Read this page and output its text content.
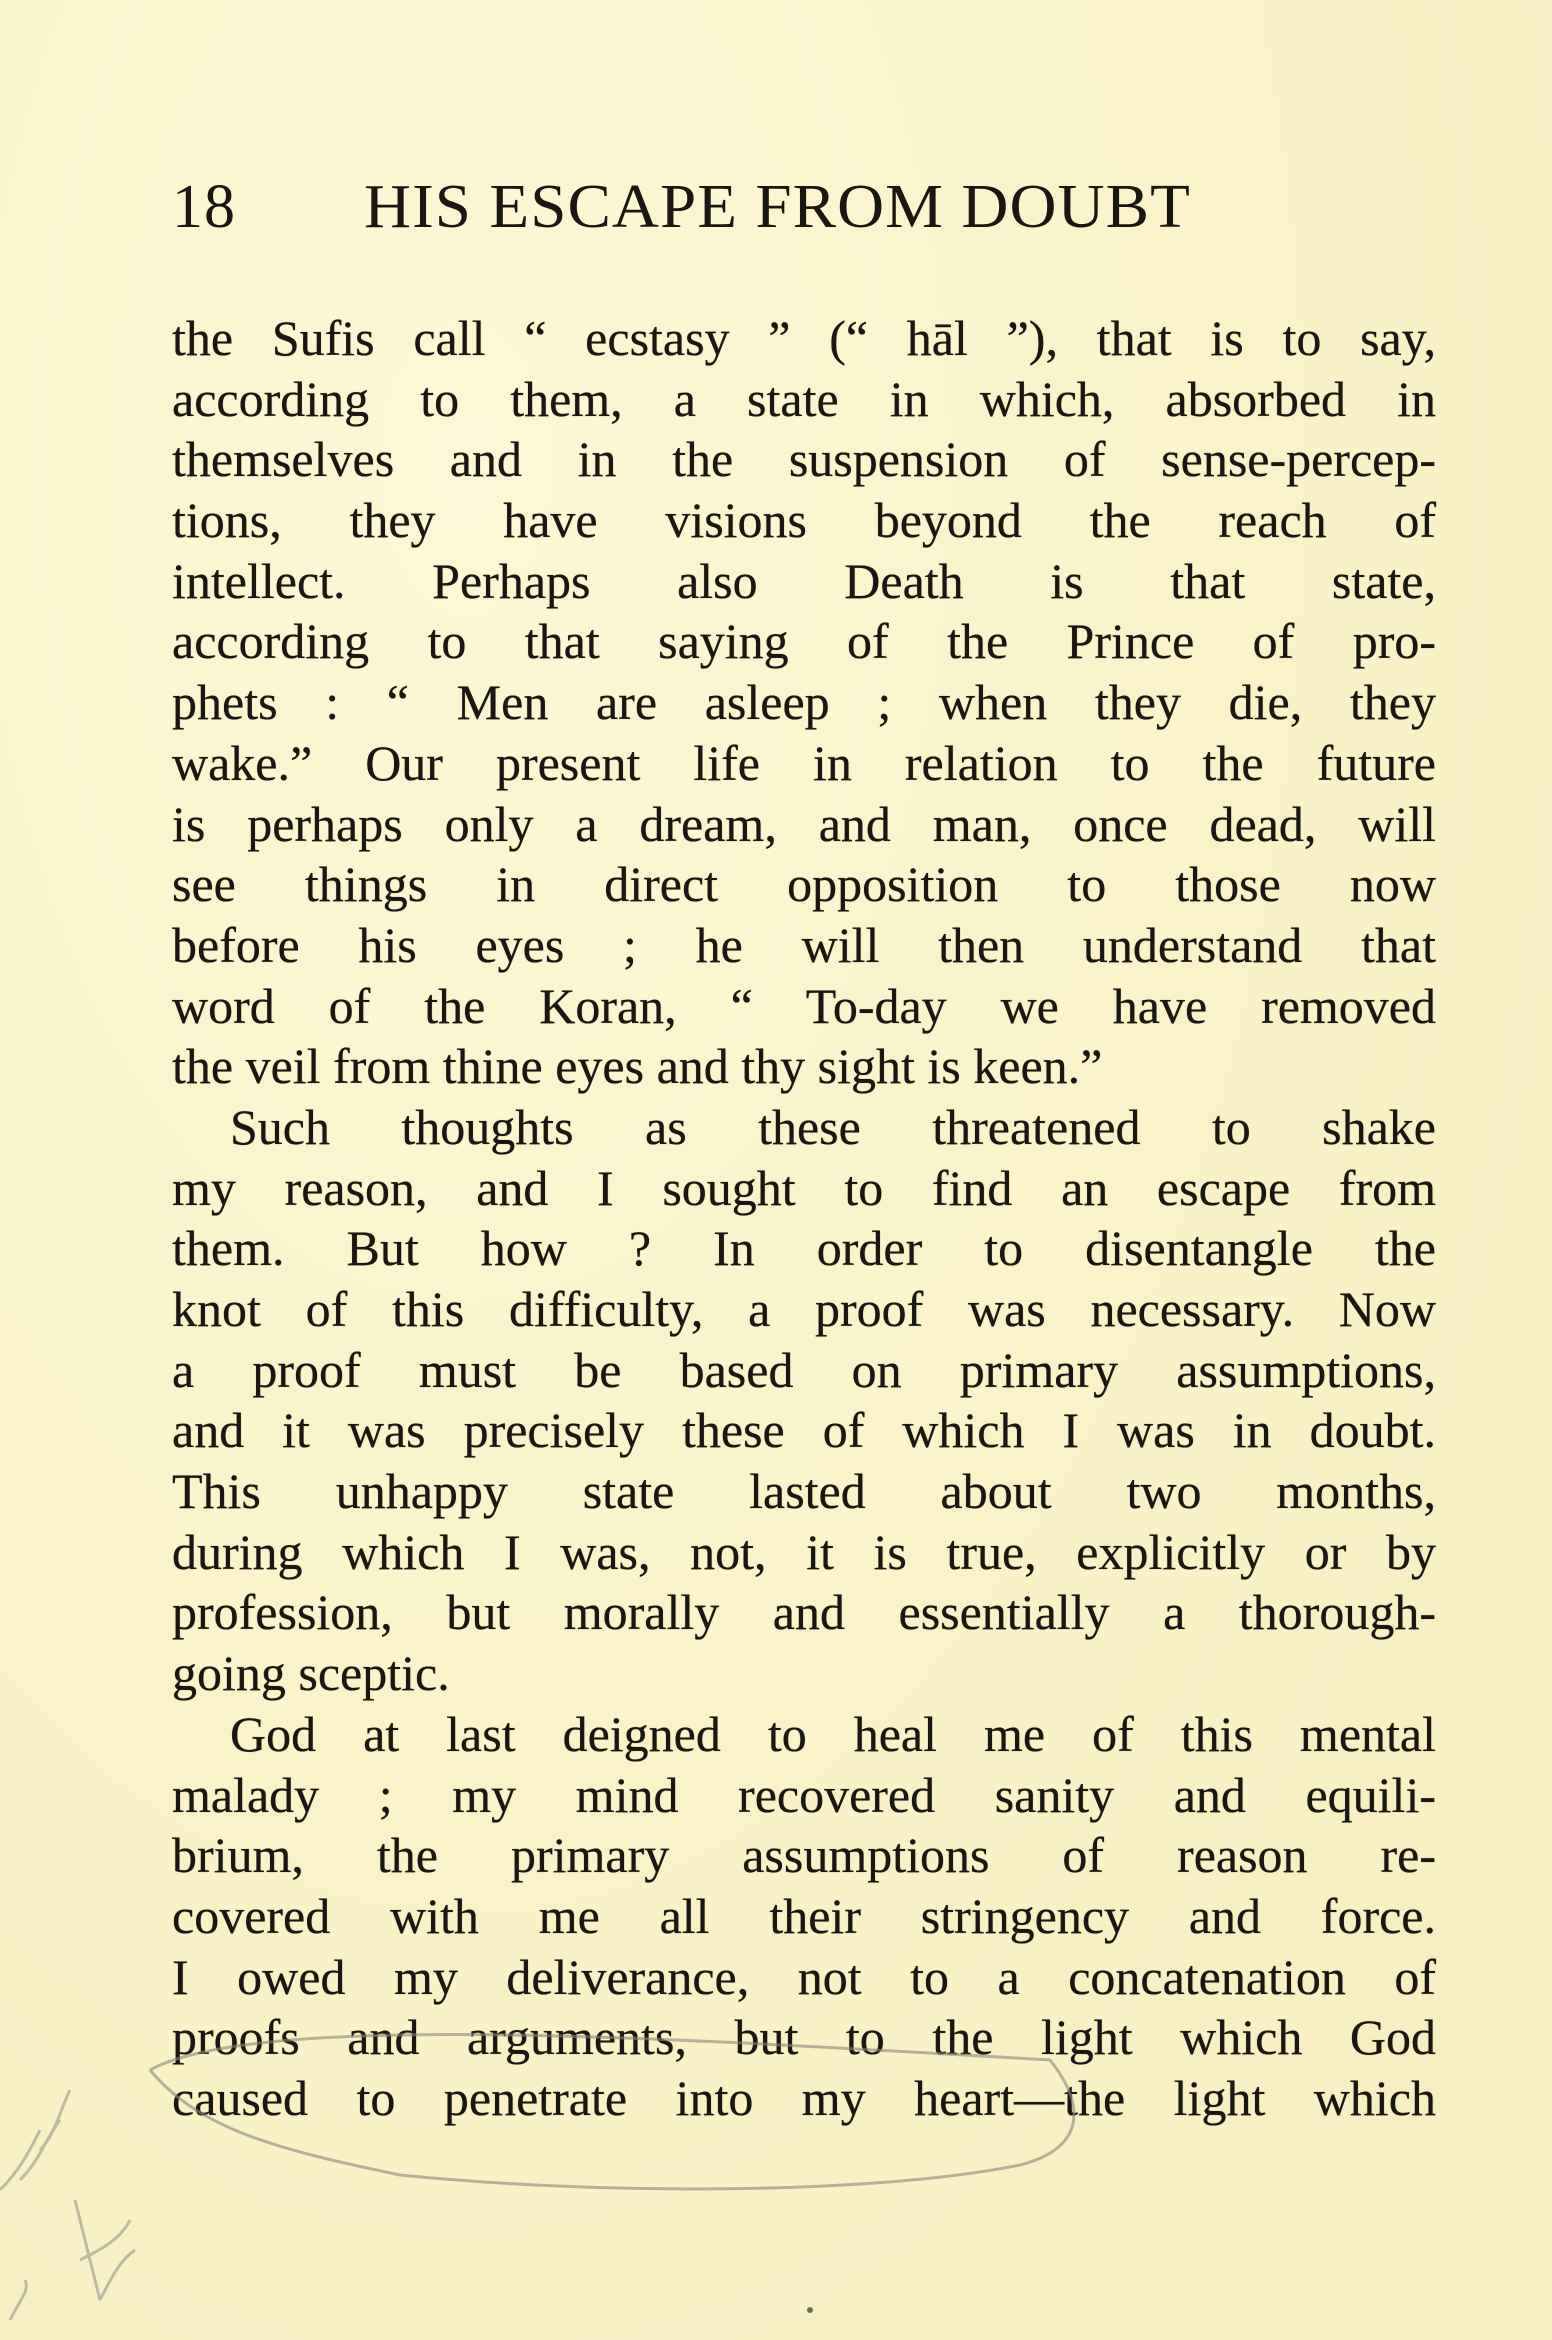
18 HIS ESCAPE FROM DOUBT
the Sufis call “ ecstasy ” (“ hāl ”), that is to say,
according to them, a state in which, absorbed in
themselves and in the suspension of sense-percep-
tions, they have visions beyond the reach of
intellect. Perhaps also Death is that state,
according to that saying of the Prince of pro-
phets : “ Men are asleep ; when they die, they
wake.” Our present life in relation to the future
is perhaps only a dream, and man, once dead, will
see things in direct opposition to those now
before his eyes ; he will then understand that
word of the Koran, “ To-day we have removed
the veil from thine eyes and thy sight is keen.”
Such thoughts as these threatened to shake
my reason, and I sought to find an escape from
them. But how ? In order to disentangle the
knot of this difficulty, a proof was necessary. Now
a proof must be based on primary assumptions,
and it was precisely these of which I was in doubt.
This unhappy state lasted about two months,
during which I was, not, it is true, explicitly or by
profession, but morally and essentially a thorough-
going sceptic.
God at last deigned to heal me of this mental
malady ; my mind recovered sanity and equili-
brium, the primary assumptions of reason re-
covered with me all their stringency and force.
I owed my deliverance, not to a concatenation of
proofs and arguments, but to the light which God
caused to penetrate into my heart—the light which
